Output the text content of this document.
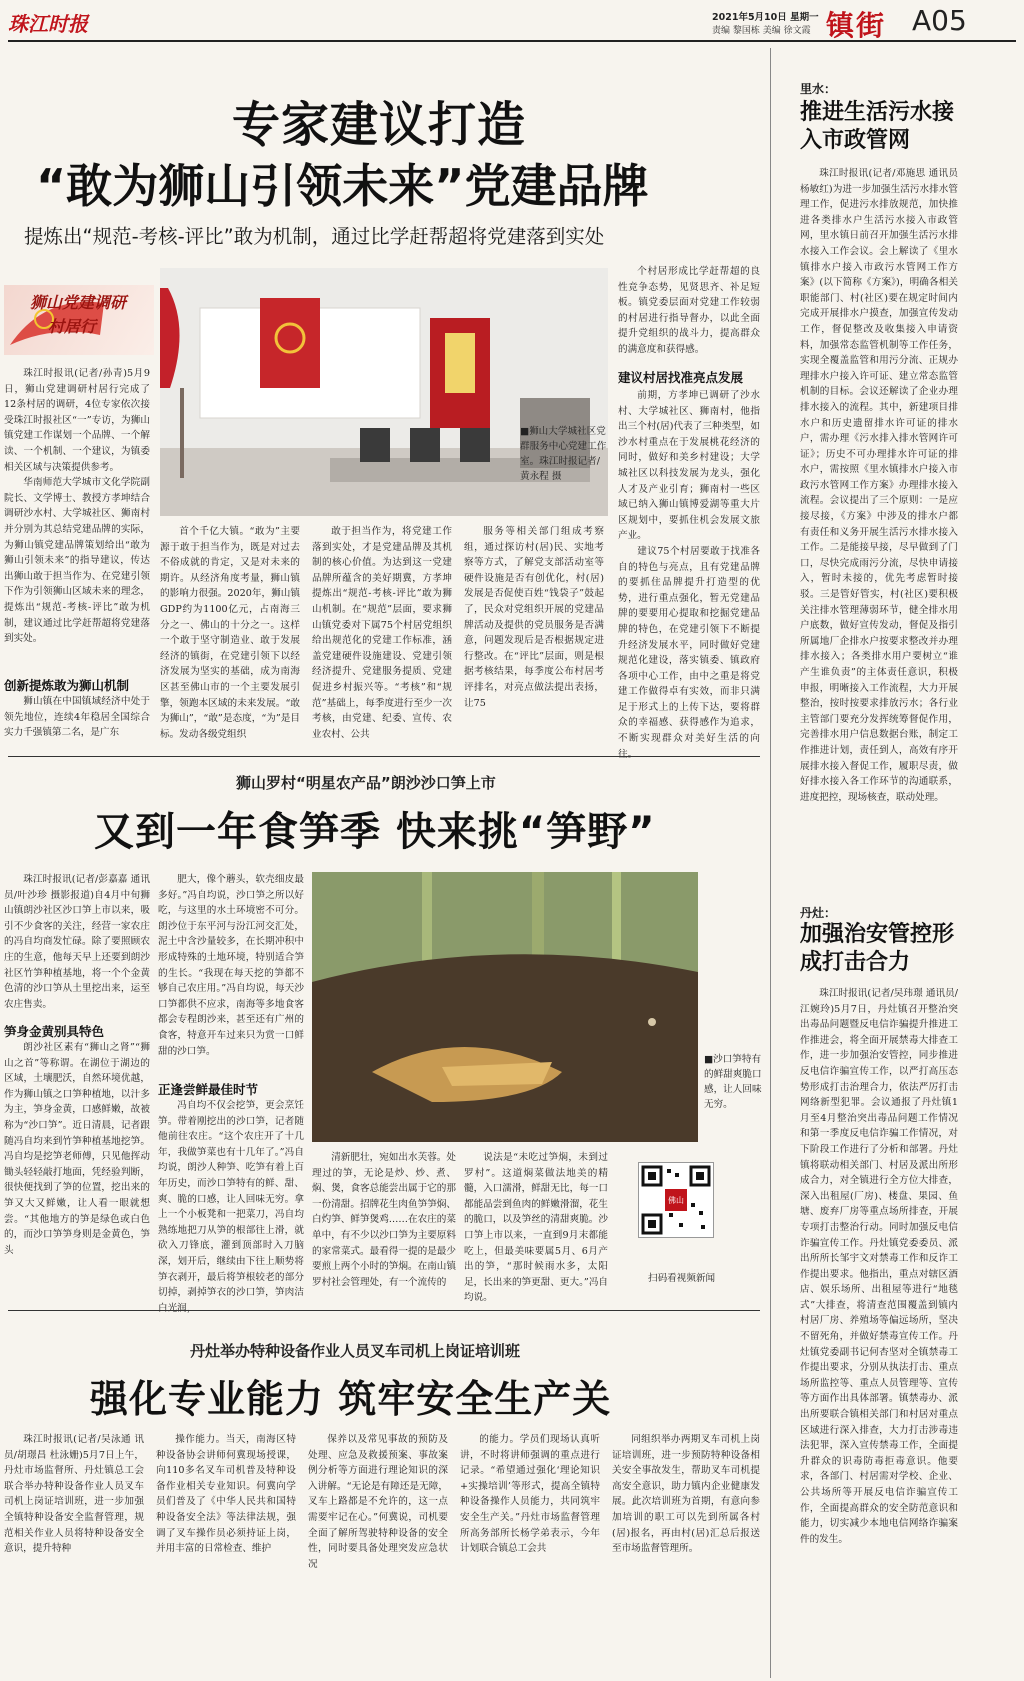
珠江时报	2021年5月10日 星期一
责编 黎国栋 美编 徐文霞 镇街 A05
专家建议打造
“敢为狮山引领未来”党建品牌
提炼出“规范-考核-评比”敢为机制，通过比学赶帮超将党建落到实处
狮山党建调研
村居行

珠江时报讯(记者/孙青)5月9日，狮山党建调研村居行完成了12条村居的调研，4位专家依次接受珠江时报社区“一”专访，为狮山镇党建工作谋划一个品牌、一个解读、一个机制、一个建议，为镇委相关区域与决策提供参考。

华南师范大学城市文化学院副院长、文学博士、教授方孝坤结合调研沙水村、大学城社区、狮南村并分别为其总结党建品牌的实际，为狮山镇党建品牌策划给出“敢为狮山引领未来”的指导建议，传达出狮山敢于担当作为、在党建引领下作为引领狮山区域未来的理念，提炼出“规范-考核-评比”敢为机制，建议通过比学赶帮超将党建落到实处。

创新提炼敢为狮山机制

狮山镇在中国镇域经济中处于领先地位，连续4年稳居全国综合实力千强镇第二名，是广东

■狮山大学城社区党群服务中心党建工作室。珠江时报记者/黄永程 摄

首个千亿大镇。“敢为”主要源于敢于担当作为，既是对过去不俗成就的肯定，又是对未来的期许。从经济角度考量，狮山镇的影响力很强。2020年，狮山镇GDP约为1100亿元，占南海三分之一、佛山的十分之一。这样一个敢于坚守制造业、敢于发展经济的镇街，在党建引领下以经济发展为坚实的基础，成为南海区甚至佛山市的一个主要发展引擎，领跑本区域的未来发展。“敢为狮山”，“敢”是态度，“为”是目标。发动各级党组织

敢于担当作为，将党建工作落到实处，才是党建品牌及其机制的核心价值。为达到这一党建品牌所蕴含的美好期冀，方孝坤提炼出“规范-考核-评比”敢为狮山机制。在“规范”层面，要求狮山镇党委对下属75个村居党组织给出规范化的党建工作标准，涵盖党建硬件设施建设、党建引领经济提升、党建服务提质、党建促进乡村振兴等。“考核”和“规范”基础上，每季度进行至少一次考核，由党建、纪委、宣传、农业农村、公共

服务等相关部门组成考察组，通过探访村(居)民、实地考察等方式，了解党支部活动室等硬件设施是否有创优化，村(居)发展是否促使百姓“钱袋子”鼓起了，民众对党组织开展的党建品牌活动及提供的党员服务是否满意，问题发现后是否根据规定进行整改。在“评比”层面，则是根据考核结果，每季度公布村居考评排名，对亮点做法提出表扬，让75

个村居形成比学赶帮超的良性竞争态势，见贤思齐、补足短板。镇党委层面对党建工作较弱的村居进行指导督办，以此全面提升党组织的战斗力，提高群众的满意度和获得感。

建议村居找准亮点发展

前期，方孝坤已调研了沙水村、大学城社区、狮南村，他指出三个村(居)代表了三种类型，如沙水村重点在于发展桃花经济的同时，做好和美乡村建设；大学城社区以科技发展为龙头，强化人才及产业引育；狮南村一些区域已纳入狮山镇博爱湖等重大片区规划中，要抓住机会发展文旅产业。

建议75个村居要敢于找准各自的特色与亮点，且有党建品牌的要抓住品牌提升打造型的优势，进行重点强化，暂无党建品牌的要要用心提取和挖掘党建品牌的特色，在党建引领下不断提升经济发展水平，同时做好党建规范化建设，落实镇委、镇政府各项中心工作，由中之重是将党建工作做得卓有实效，而非只满足于形式上的上传下达，要将群众的幸福感、获得感作为追求，不断实现群众对美好生活的向往。

里水：
推进生活污水接入市政管网

珠江时报讯(记者/邓施思 通讯员 杨敏红)为进一步加强生活污水排水管理工作，促进污水排放规范，加快推进各类排水户生活污水接入市政管网，里水镇日前召开加强生活污水排水接入工作会议。会上解读了《里水镇排水户接入市政污水管网工作方案》(以下简称《方案》)，明确各相关职能部门、村(社区)要在规定时间内完成开展排水户摸查，加强宣传发动工作，督促整改及收集接入申请资料，加强常态监管机制等工作任务，实现全覆盖监管和用污分流、正规办理排水户接入许可证、建立常态监管机制的目标。会议还解读了企业办理排水接入的流程。其中，新建项目排水户和历史遗留排水许可证的排水户，需办理《污水排入排水管网许可证》；历史不可办理排水许可证的排水户，需按照《里水镇排水户接入市政污水管网工作方案》办理排水接入流程。会议提出了三个原则：一是应接尽接，《方案》中涉及的排水户都有责任和义务开展生活污水排水接入工作。二是能接早接，尽早做到了门口，尽快完成雨污分流，尽快申请接入，暂时未接的，优先考虑暂时接驳。三是管好管实，村(社区)要积极关注排水管理薄弱环节，健全排水用户底数，做好宣传发动，督促及指引所属地厂企排水户按要求整改并办理排水接入；各类排水用户要树立“谁产生谁负责”的主体责任意识，积极申报，明晰接入工作流程，大力开展整治，按时按要求排放污水；各行业主管部门要充分发挥统筹督促作用，完善排水用户信息数据台账，制定工作推进计划，责任到人，高效有序开展排水接入督促工作，履职尽责，做好排水接入各工作环节的沟通联系，进度把控，现场核查，联动处理。

狮山罗村“明星农产品”朗沙沙口笋上市
又到一年食笋季 快来挑“笋野”

珠江时报讯(记者/彭嘉嘉 通讯员/叶沙珍 摄影报道)自4月中旬狮山镇朗沙社区沙口笋上市以来，吸引不少食客的关注，经营一家农庄的冯自均商发忙碌。除了要照顾农庄的生意，他每天早上还要到朗沙社区竹笋种植基地，将一个个金黄色清的沙口笋从土里挖出来，运至农庄售卖。

笋身金黄别具特色

朗沙社区素有“狮山之肾”“狮山之首”等称谓。在湖位于湖边的区域，土壤肥沃，自然环境优越，作为狮山镇之口笋种植地，以汁多为主，笋身金黄，口感鲜嫩，故被称为“沙口笋”。近日清晨，记者跟随冯自均来到竹笋种植基地挖笋。冯自均是挖笋老师傅，只见他挥动锄头轻轻敲打地面，凭经验判断，很快便找到了笋的位置，挖出来的笋又大又鲜嫩，让人看一眼就想尝。“其他地方的笋是绿色或白色的，而沙口笋笋身则是金黄色，笋头

肥大，像个蘑头，软壳细皮最多好。”冯自均说，沙口笋之所以好吃，与这里的水土环境密不可分。朗沙位于东平河与汾江河交汇处，泥土中含沙量较多，在长期冲积中形成特殊的土地环境，特别适合笋的生长。“我现在每天挖的笋都不够自己农庄用。”冯自均说，每天沙口笋都供不应求，南海等多地食客都会专程朗沙来，甚至还有广州的食客，特意开车过来只为赏一口鲜甜的沙口笋。

正逢尝鲜最佳时节

冯自均不仅会挖笋，更会烹饪笋。带着刚挖出的沙口笋，记者随他前往农庄。“这个农庄开了十几年，我做笋菜也有十几年了。”冯自均说，朗沙人种笋、吃笋有着上百年历史，而沙口笋特有的鲜、甜、爽、脆的口感，让人回味无穷。拿上一个小板凳和一把菜刀，冯自均熟练地把刀从笋的根部往上滑，就砍入刀锋底，灌到顶部时入刀脑深，划开后，继续由下往上顺势将笋衣剥开，最后将笋根较老的部分切掉，剥掉笋衣的沙口笋，笋肉洁白光润，

■沙口笋特有的鲜甜爽脆口感，让人回味无穷。

清新肥壮，宛如出水芙蓉。处理过的笋，无论是炒、炒、煮、焖、煲，食客总能尝出属于它的那一份清甜。招牌花生肉鱼笋笋焖、白灼笋、鲜笋煲鸡……在农庄的菜单中，有不少以沙口笋为主要原料的家常菜式。最看得一提的是最少要煎上两个小时的笋焖。在南山镇罗村社会管理处，有一个流传的

说法是“未吃过笋焖，未到过罗村”。这道焖菜做法地美的精髓，入口濡滑，鲜甜无比，每一口都能品尝到鱼肉的鲜嫩滑溜，花生的脆口，以及笋丝的清甜爽脆。沙口笋上市以来，一直到9月末都能吃上，但最美味要属5月、6月产出的笋，“那时候雨水多，太阳足，长出来的笋更甜、更大。”冯自均说。

佛山
扫码看视频新闻
丹灶：
加强治安管控形成打击合力

珠江时报讯(记者/吴玮璟 通讯员/江婉玲)5月7日，丹灶镇召开整治突出毒品问题暨反电信诈骗提升推进工作推进会，将全面开展禁毒大排查工作，进一步加强治安管控，同步推进反电信诈骗宣传工作，以严打高压态势形成打击治理合力，依法严厉打击网络新型犯罪。会议通报了丹灶镇1月至4月整治突出毒品问题工作情况和第一季度反电信诈骗工作情况，对下阶段工作进行了分析和部署。丹灶镇将联动相关部门、村居及派出所形成合力，对全镇进行全方位大排查，深入出租屋(厂房)、楼盘、果园、鱼塘、废弃厂房等重点场所排查，开展专项打击整治行动。同时加强反电信诈骗宣传工作。丹灶镇党委委员、派出所所长邹宇文对禁毒工作和反诈工作提出要求。他指出，重点对辖区酒店、娱乐场所、出租屋等进行“地毯式”大排查，将清查范围覆盖到镇内村居厂房、养殖场等偏远场所，坚决不留死角，并做好禁毒宣传工作。丹灶镇党委副书记何杏坚对全镇禁毒工作提出要求，分别从执法打击、重点场所监控等、重点人员管理等、宣传等方面作出具体部署。镇禁毒办、派出所要联合镇相关部门和村居对重点区域进行深入排查，大力打击涉毒违法犯罪，深入宣传禁毒工作，全面提升群众的识毒防毒拒毒意识。他要求，各部门、村居需对学校、企业、公共场所等开展反电信诈骗宣传工作，全面提高群众的安全防范意识和能力，切实减少本地电信网络诈骗案件的发生。

丹灶举办特种设备作业人员叉车司机上岗证培训班
强化专业能力 筑牢安全生产关

珠江时报讯(记者/吴泳通 讯员/胡璟昌 杜泳姗)5月7日上午，丹灶市场监督所、丹灶镇总工会联合举办特种设备作业人员叉车司机上岗证培训班，进一步加强全镇特种设备安全监督管理，规范相关作业人员将特种设备安全意识，提升特种

操作能力。当天，南海区特种设备协会讲师何冀现场授课，向110多名叉车司机普及特种设备作业相关专业知识。何冀向学员们普及了《中华人民共和国特种设备安全法》等法律法规，强调了叉车操作员必须持证上岗，并用丰富的日常检查、维护

保养以及常见事故的预防及处理、应急及救援预案、事故案例分析等方面进行理论知识的深入讲解。“无论是有障还是无障，叉车上路都是不允许的，这一点需要牢记在心。”何冀说，司机要全面了解所驾驶特种设备的安全性，同时要具备处理突发应急状况

的能力。学员们现场认真听讲，不时将讲师强调的重点进行记录。“希望通过强化‘理论知识+实操培训’等形式，提高全镇特种设备操作人员能力，共同筑牢安全生产关。”丹灶市场监督管理所高务部所长杨学弟表示，今年计划联合镇总工会共

同组织举办两期叉车司机上岗证培训班，进一步预防特种设备相关安全事故发生，帮助叉车司机提高安全意识，助力镇内企业健康发展。此次培训班为首期，有意向参加培训的职工可以先到所属各村(居)报名，再由村(居)汇总后报送至市场监督管理所。
